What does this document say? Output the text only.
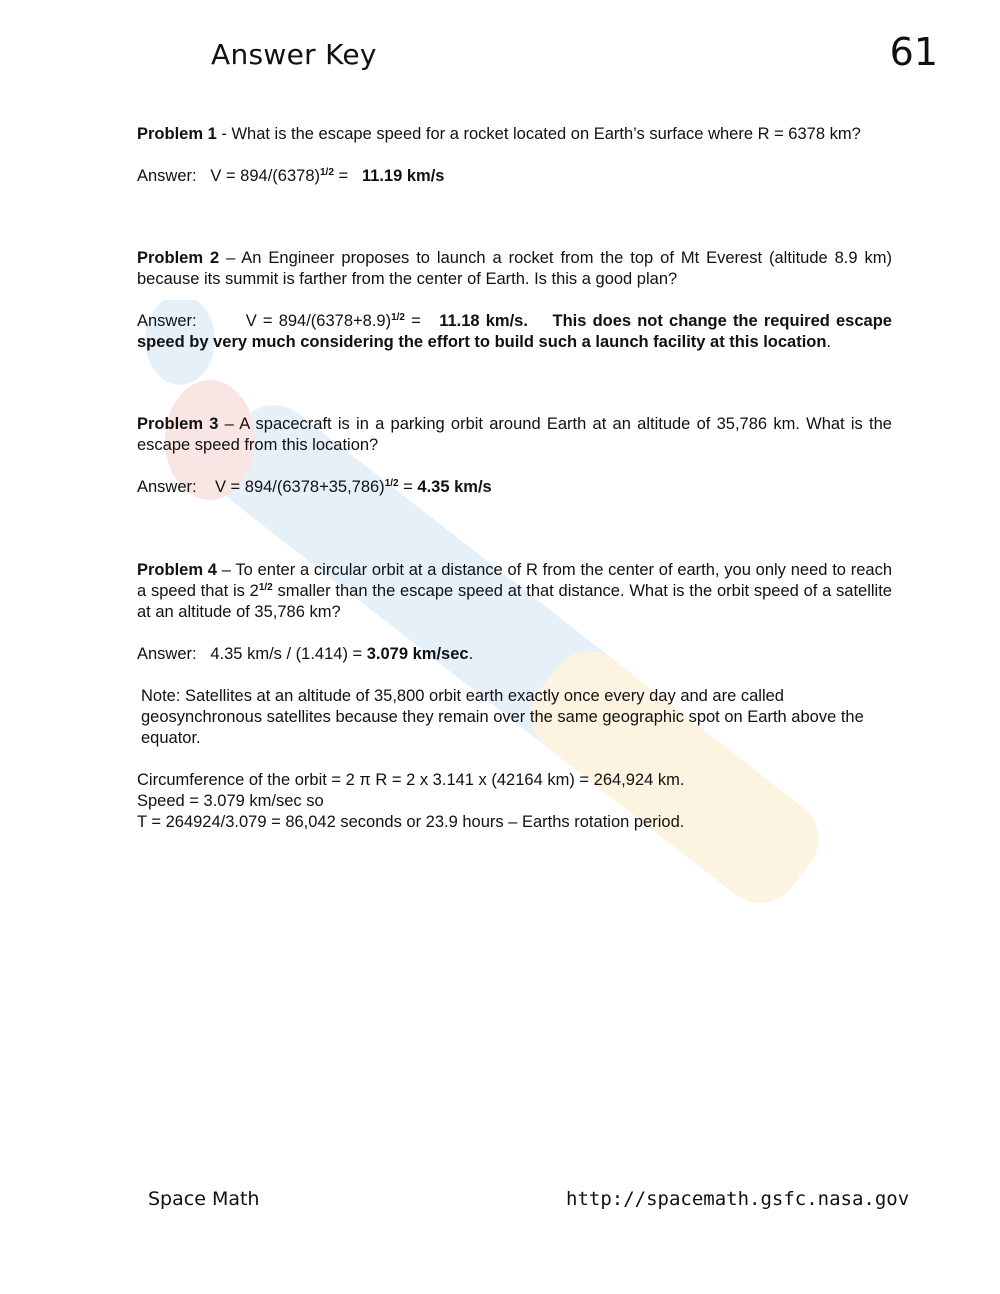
Answer Key	61

Problem 1 - What is the escape speed for a rocket located on Earth’s surface where R = 6378 km?

Answer: $V = 894/(6378)^{1/2} = 11.19$ km/s

Problem 2 – An Engineer proposes to launch a rocket from the top of Mt Everest (altitude 8.9 km) because its summit is farther from the center of Earth. Is this a good plan?

Answer:	$V = 894/(6378+8.9)^{1/2} = 11.18$ km/s. This does not change the required escape speed by very much considering the effort to build such a launch facility at this location.

Problem 3 – A spacecraft is in a parking orbit around Earth at an altitude of 35,786 km. What is the escape speed from this location?

Answer: $V = 894/(6378+35,786)^{1/2} = 4.35$ km/s

Problem 4 – To enter a circular orbit at a distance of R from the center of earth, you only need to reach a speed that is $2^{1/2}$ smaller than the escape speed at that distance. What is the orbit speed of a satellite at an altitude of 35,786 km?

Answer: 4.35 km/s / (1.414) = 3.079 km/sec.

Note: Satellites at an altitude of 35,800 orbit earth exactly once every day and are called geosynchronous satellites because they remain over the same geographic spot on Earth above the equator.

Circumference of the orbit = 2 π R = 2 x 3.141 x (42164 km) = 264,924 km.

Speed = 3.079 km/sec so

T = 264924/3.079 = 86,042 seconds or 23.9 hours – Earths rotation period.

Space Math	http://spacemath.gsfc.nasa.gov
